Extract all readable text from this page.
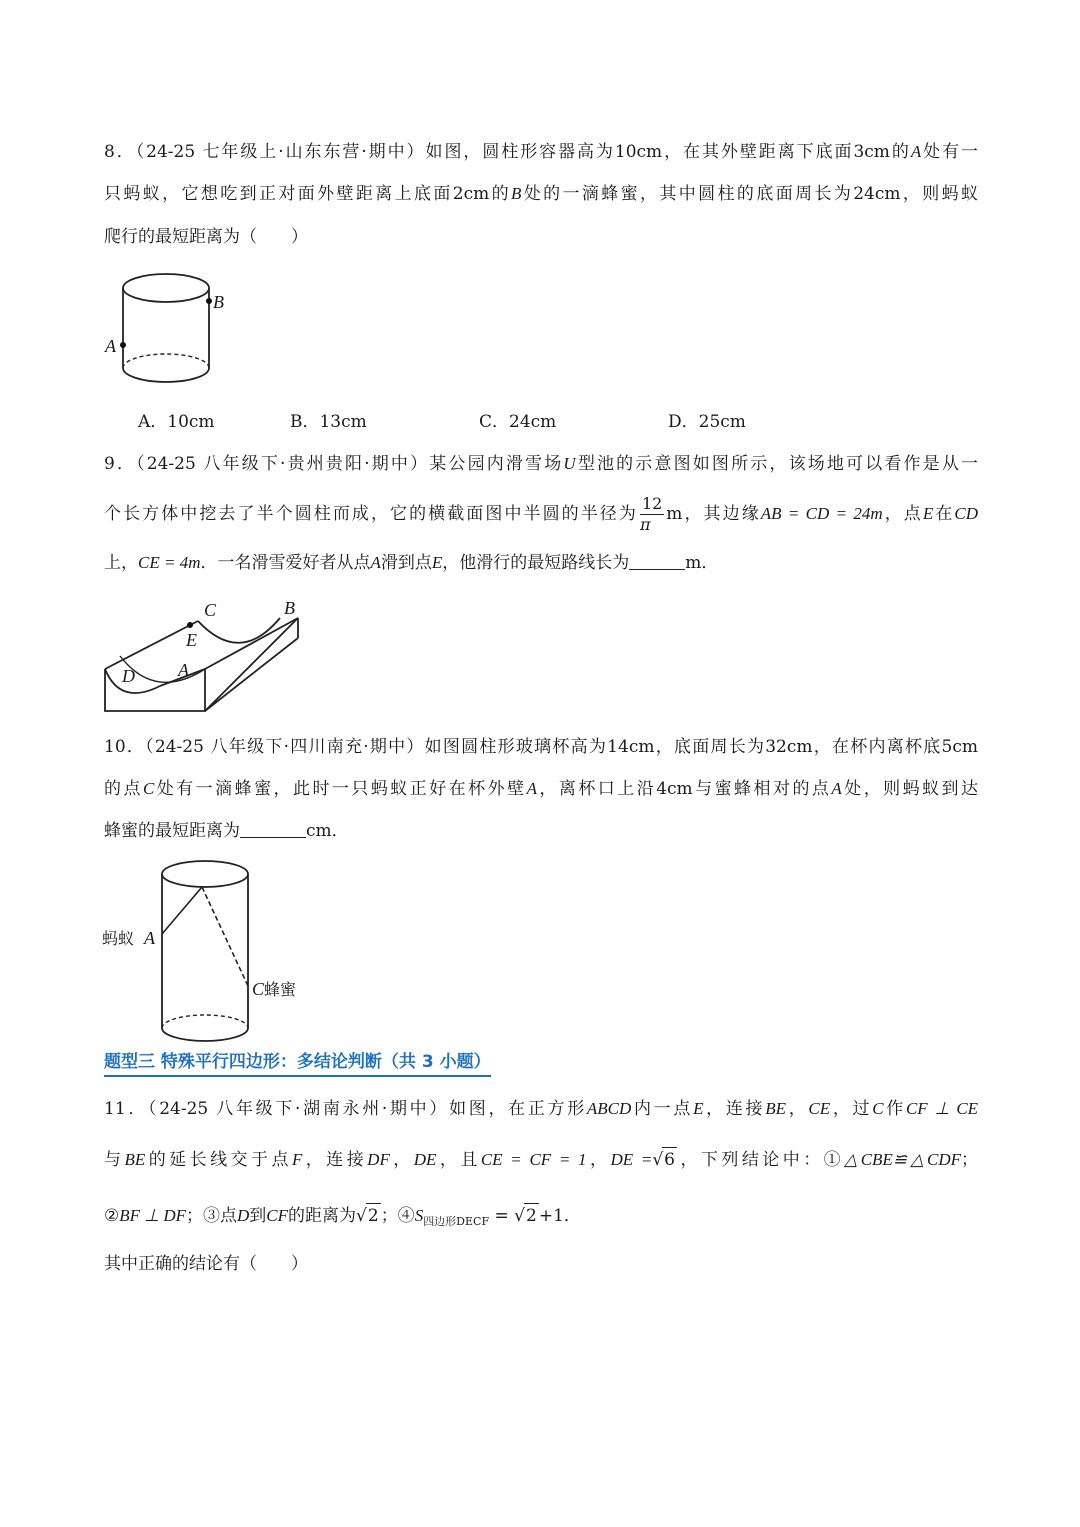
8．（24-25 七年级上·山东东营·期中）如图，圆柱形容器高为10cm，在其外壁距离下底面3cm的A处有一
只蚂蚁，它想吃到正对面外壁距离上底面2cm的B处的一滴蜂蜜，其中圆柱的底面周长为24cm，则蚂蚁
爬行的最短距离为（　　）
B
A
A．10cm	B．13cm	C．24cm	D．25cm
9．（24-25 八年级下·贵州贵阳·期中）某公园内滑雪场U型池的示意图如图所示，该场地可以看作是从一
个长方体中挖去了半个圆柱而成，它的横截面图中半圆的半径为 $\frac{12}{\pi}$ m，其边缘AB = CD = 24m，点E在CD
上，CE = 4m．一名滑雪爱好者从点A滑到点E，他滑行的最短路线长为	m．
C	B
E
D A
10．（24-25 八年级下·四川南充·期中）如图圆柱形玻璃杯高为14cm，底面周长为32cm，在杯内离杯底5cm
的点C处有一滴蜂蜜，此时一只蚂蚁正好在杯外壁A，离杯口上沿4cm与蜜蜂相对的点A处，则蚂蚁到达
蜂蜜的最短距离为	cm．
蚂蚁 A
C 蜂蜜
题型三 特殊平行四边形：多结论判断（共 3 小题）
11．（24-25 八年级下·湖南永州·期中）如图，在正方形ABCD内一点E，连接BE，CE，过C作CF ⊥ CE
与BE的延长线交于点F，连接DF，DE，且CE = CF = 1，DE =√6 ，下列结论中：①△CBE≌△CDF；
②BF ⊥ DF；③点D到CF的距离为√2 ；$④S_{四边形DECF} = √2 +1$．
其中正确的结论有（　　）
